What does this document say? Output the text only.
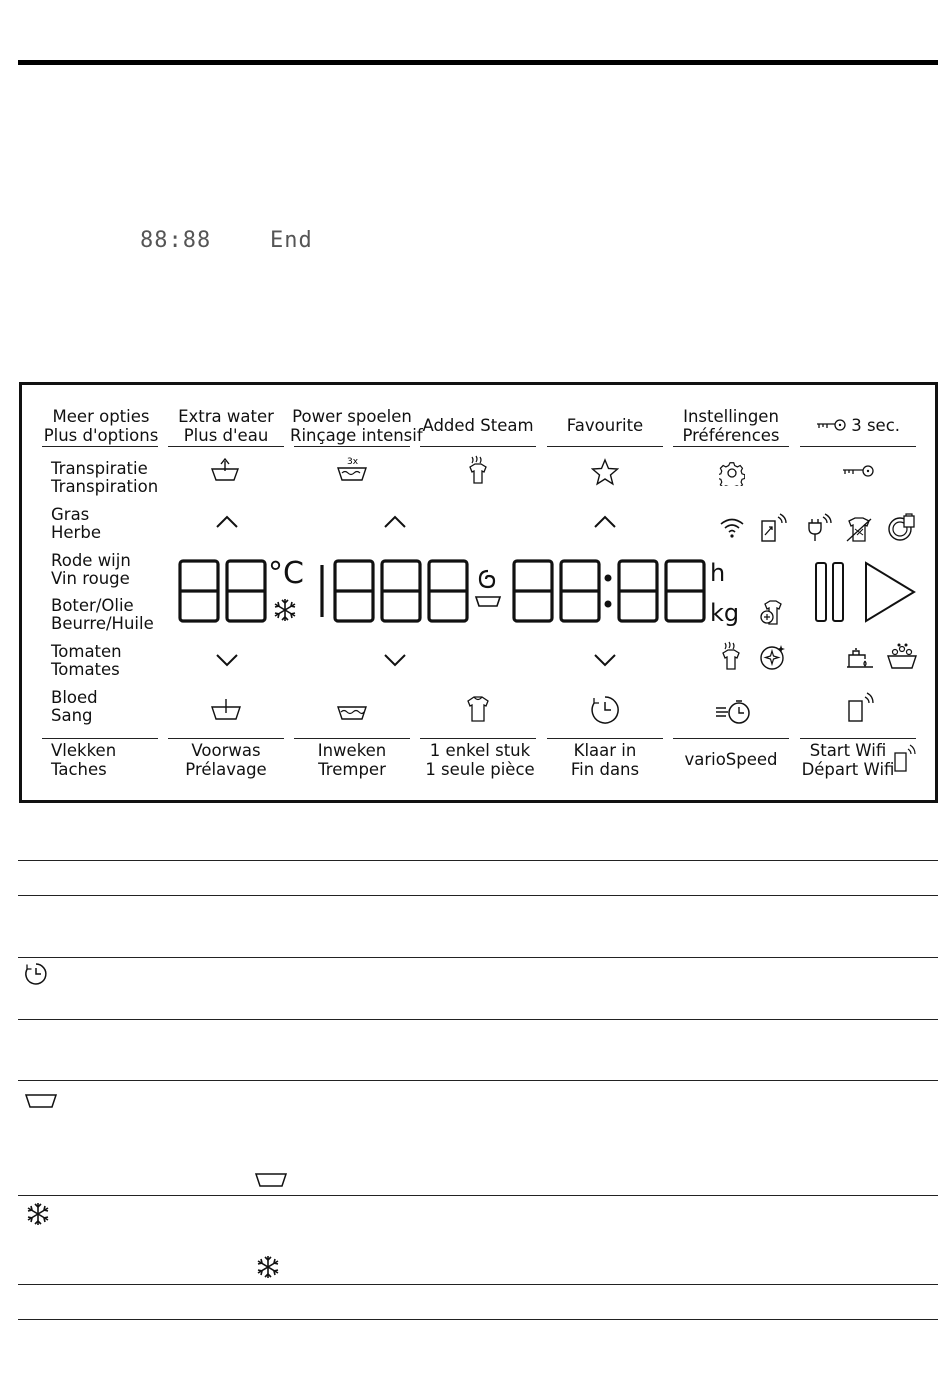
88:88	End
Meer opties
Plus d'options
Extra water
Plus d'eau
Power spoelen
Rinçage intensif
Added Steam	Favourite	Instellingen
Préférences
3 sec.
Transpiratie
Transpiration
Gras
Herbe
Rode wijn
Vin rouge
Boter/Olie
Beurre/Huile
Tomaten
Tomates
Bloed
Sang
3x
°C	h
kg
Vlekken
Taches
Voorwas
Prélavage
Inweken
Tremper
1 enkel stuk
1 seule pièce
Klaar in
Fin dans
varioSpeed	Start Wifi
Départ Wifi
